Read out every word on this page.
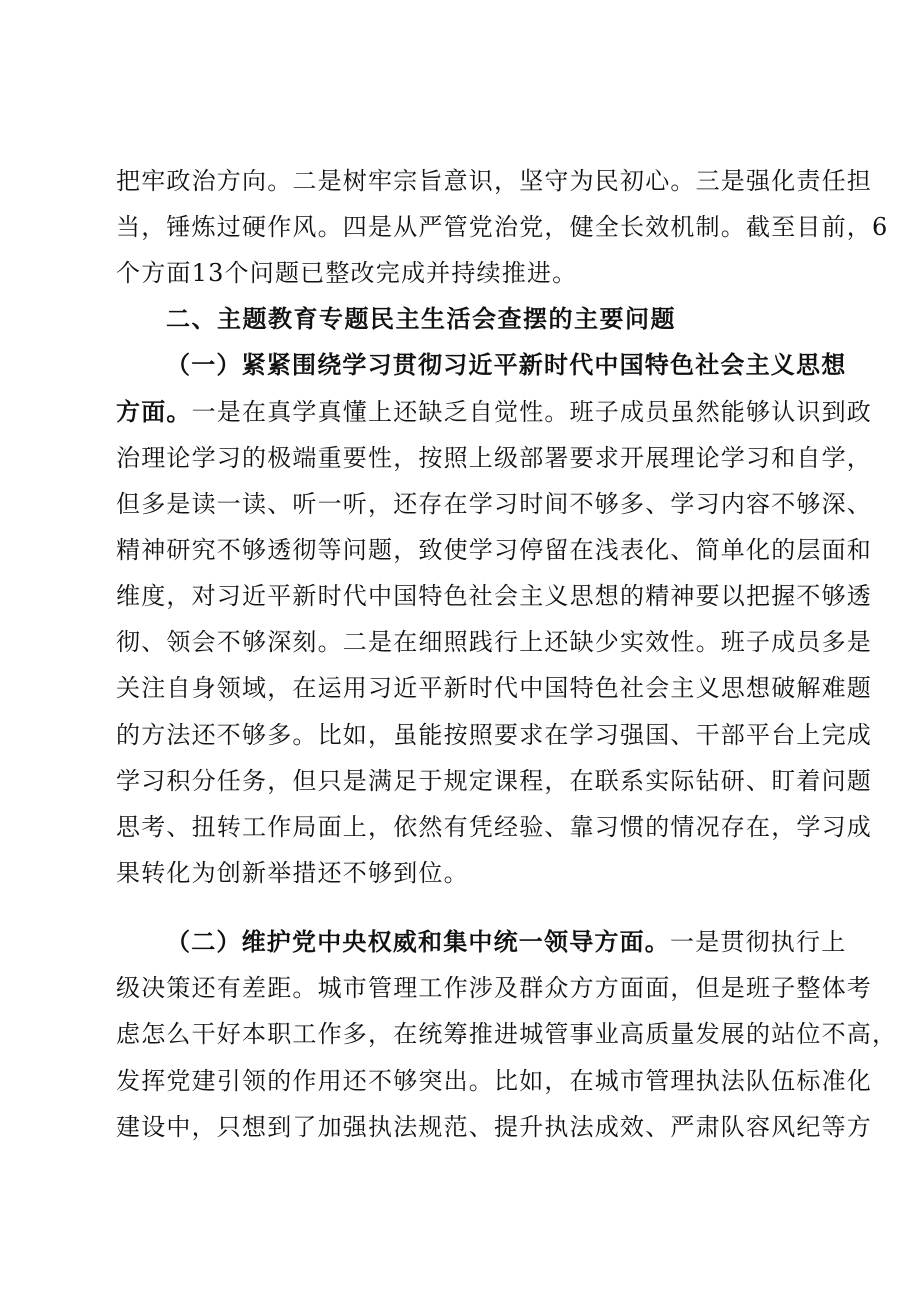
把牢政治方向。二是树牢宗旨意识，坚守为民初心。三是强化责任担
当，锤炼过硬作风。四是从严管党治党，健全长效机制。截至目前，6
个方面13个问题已整改完成并持续推进。
二、主题教育专题民主生活会查摆的主要问题
（一）紧紧围绕学习贯彻习近平新时代中国特色社会主义思想
方面。一是在真学真懂上还缺乏自觉性。班子成员虽然能够认识到政
治理论学习的极端重要性，按照上级部署要求开展理论学习和自学，
但多是读一读、听一听，还存在学习时间不够多、学习内容不够深、
精神研究不够透彻等问题，致使学习停留在浅表化、简单化的层面和
维度，对习近平新时代中国特色社会主义思想的精神要以把握不够透
彻、领会不够深刻。二是在细照践行上还缺少实效性。班子成员多是
关注自身领域，在运用习近平新时代中国特色社会主义思想破解难题
的方法还不够多。比如，虽能按照要求在学习强国、干部平台上完成
学习积分任务，但只是满足于规定课程，在联系实际钻研、盯着问题
思考、扭转工作局面上，依然有凭经验、靠习惯的情况存在，学习成
果转化为创新举措还不够到位。
（二）维护党中央权威和集中统一领导方面。一是贯彻执行上
级决策还有差距。城市管理工作涉及群众方方面面，但是班子整体考
虑怎么干好本职工作多，在统筹推进城管事业高质量发展的站位不高，
发挥党建引领的作用还不够突出。比如，在城市管理执法队伍标准化
建设中，只想到了加强执法规范、提升执法成效、严肃队容风纪等方
